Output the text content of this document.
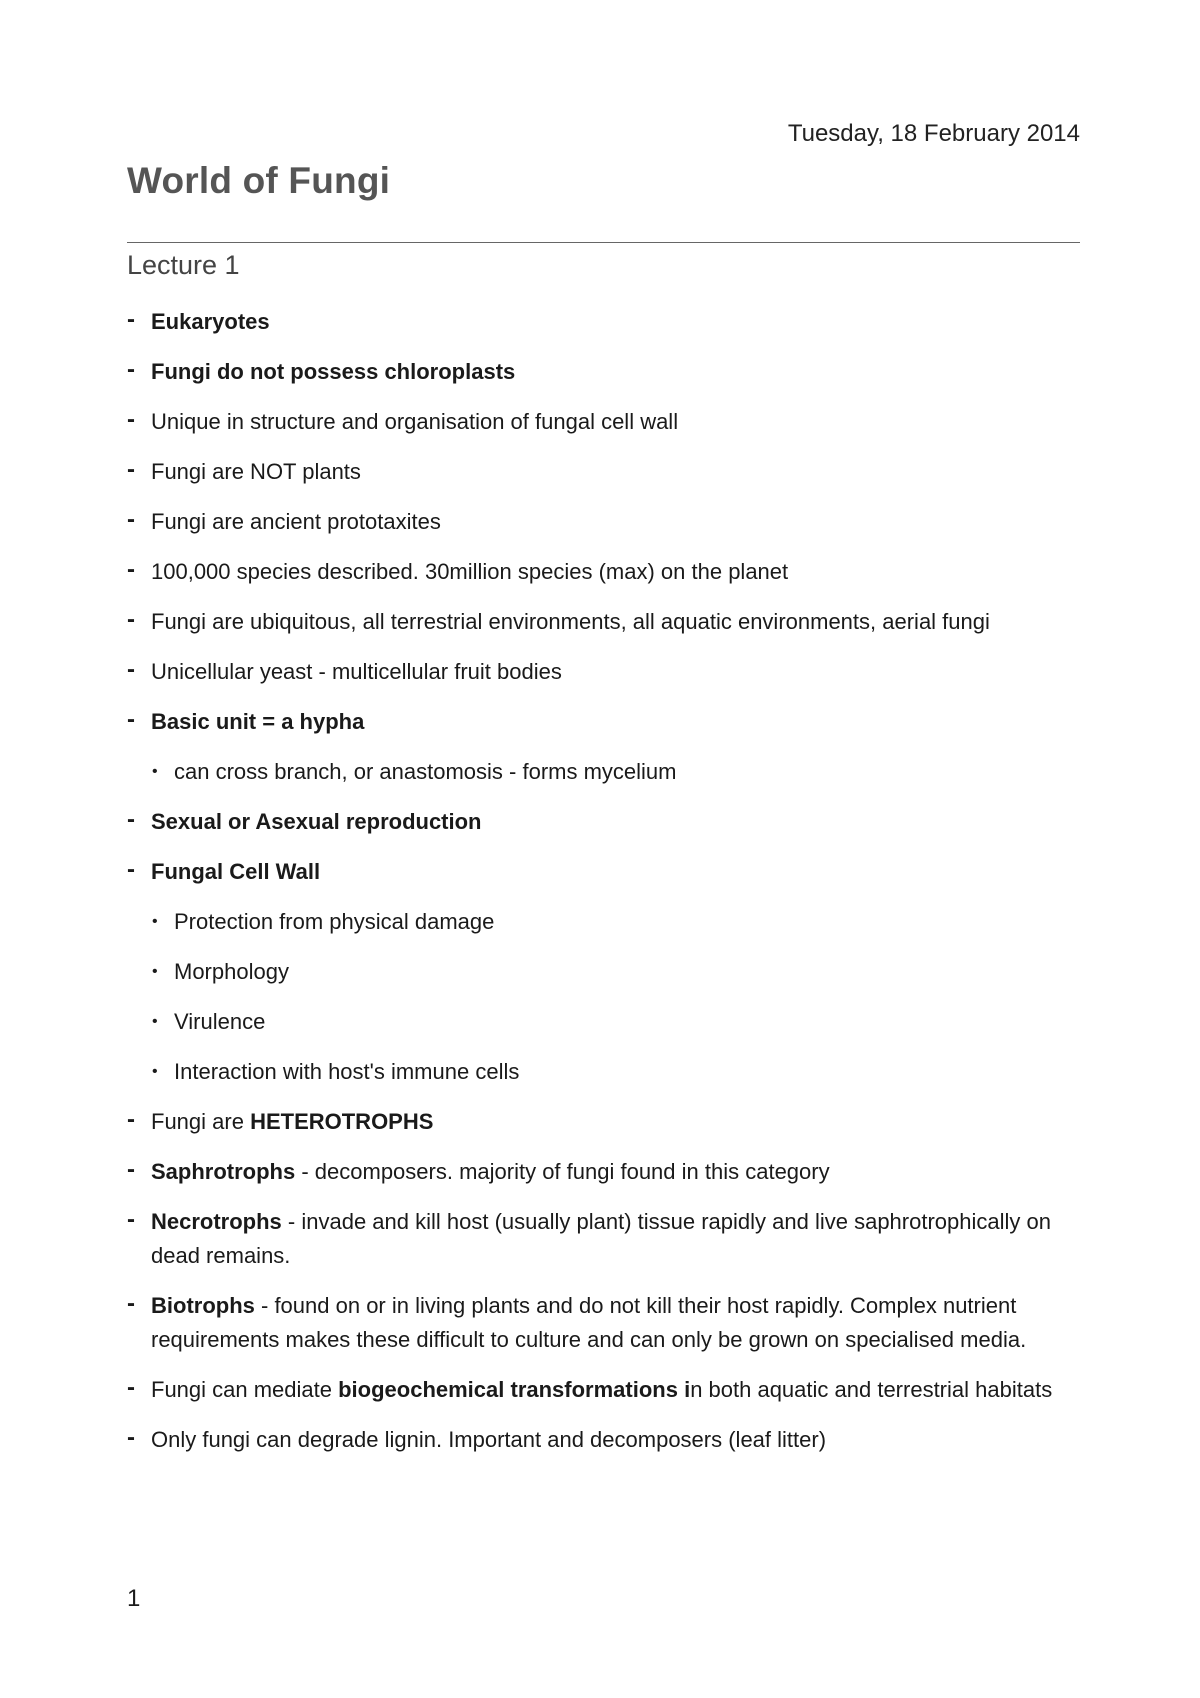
Tuesday, 18 February 2014
World of Fungi
Lecture 1
- Eukaryotes
- Fungi do not possess chloroplasts
- Unique in structure and organisation of fungal cell wall
- Fungi are NOT plants
- Fungi are ancient prototaxites
- 100,000 species described. 30million species (max) on the planet
- Fungi are ubiquitous, all terrestrial environments, all aquatic environments, aerial fungi
- Unicellular yeast - multicellular fruit bodies
- Basic unit = a hypha
• can cross branch, or anastomosis - forms mycelium
- Sexual or Asexual reproduction
- Fungal Cell Wall
• Protection from physical damage
• Morphology
• Virulence
• Interaction with host's immune cells
- Fungi are HETEROTROPHS
- Saphrotrophs - decomposers. majority of fungi found in this category
- Necrotrophs - invade and kill host (usually plant) tissue rapidly and live saphrotrophically on dead remains.
- Biotrophs - found on or in living plants and do not kill their host rapidly. Complex nutrient requirements makes these difficult to culture and can only be grown on specialised media.
- Fungi can mediate biogeochemical transformations in both aquatic and terrestrial habitats
- Only fungi can degrade lignin. Important and decomposers (leaf litter)
1
